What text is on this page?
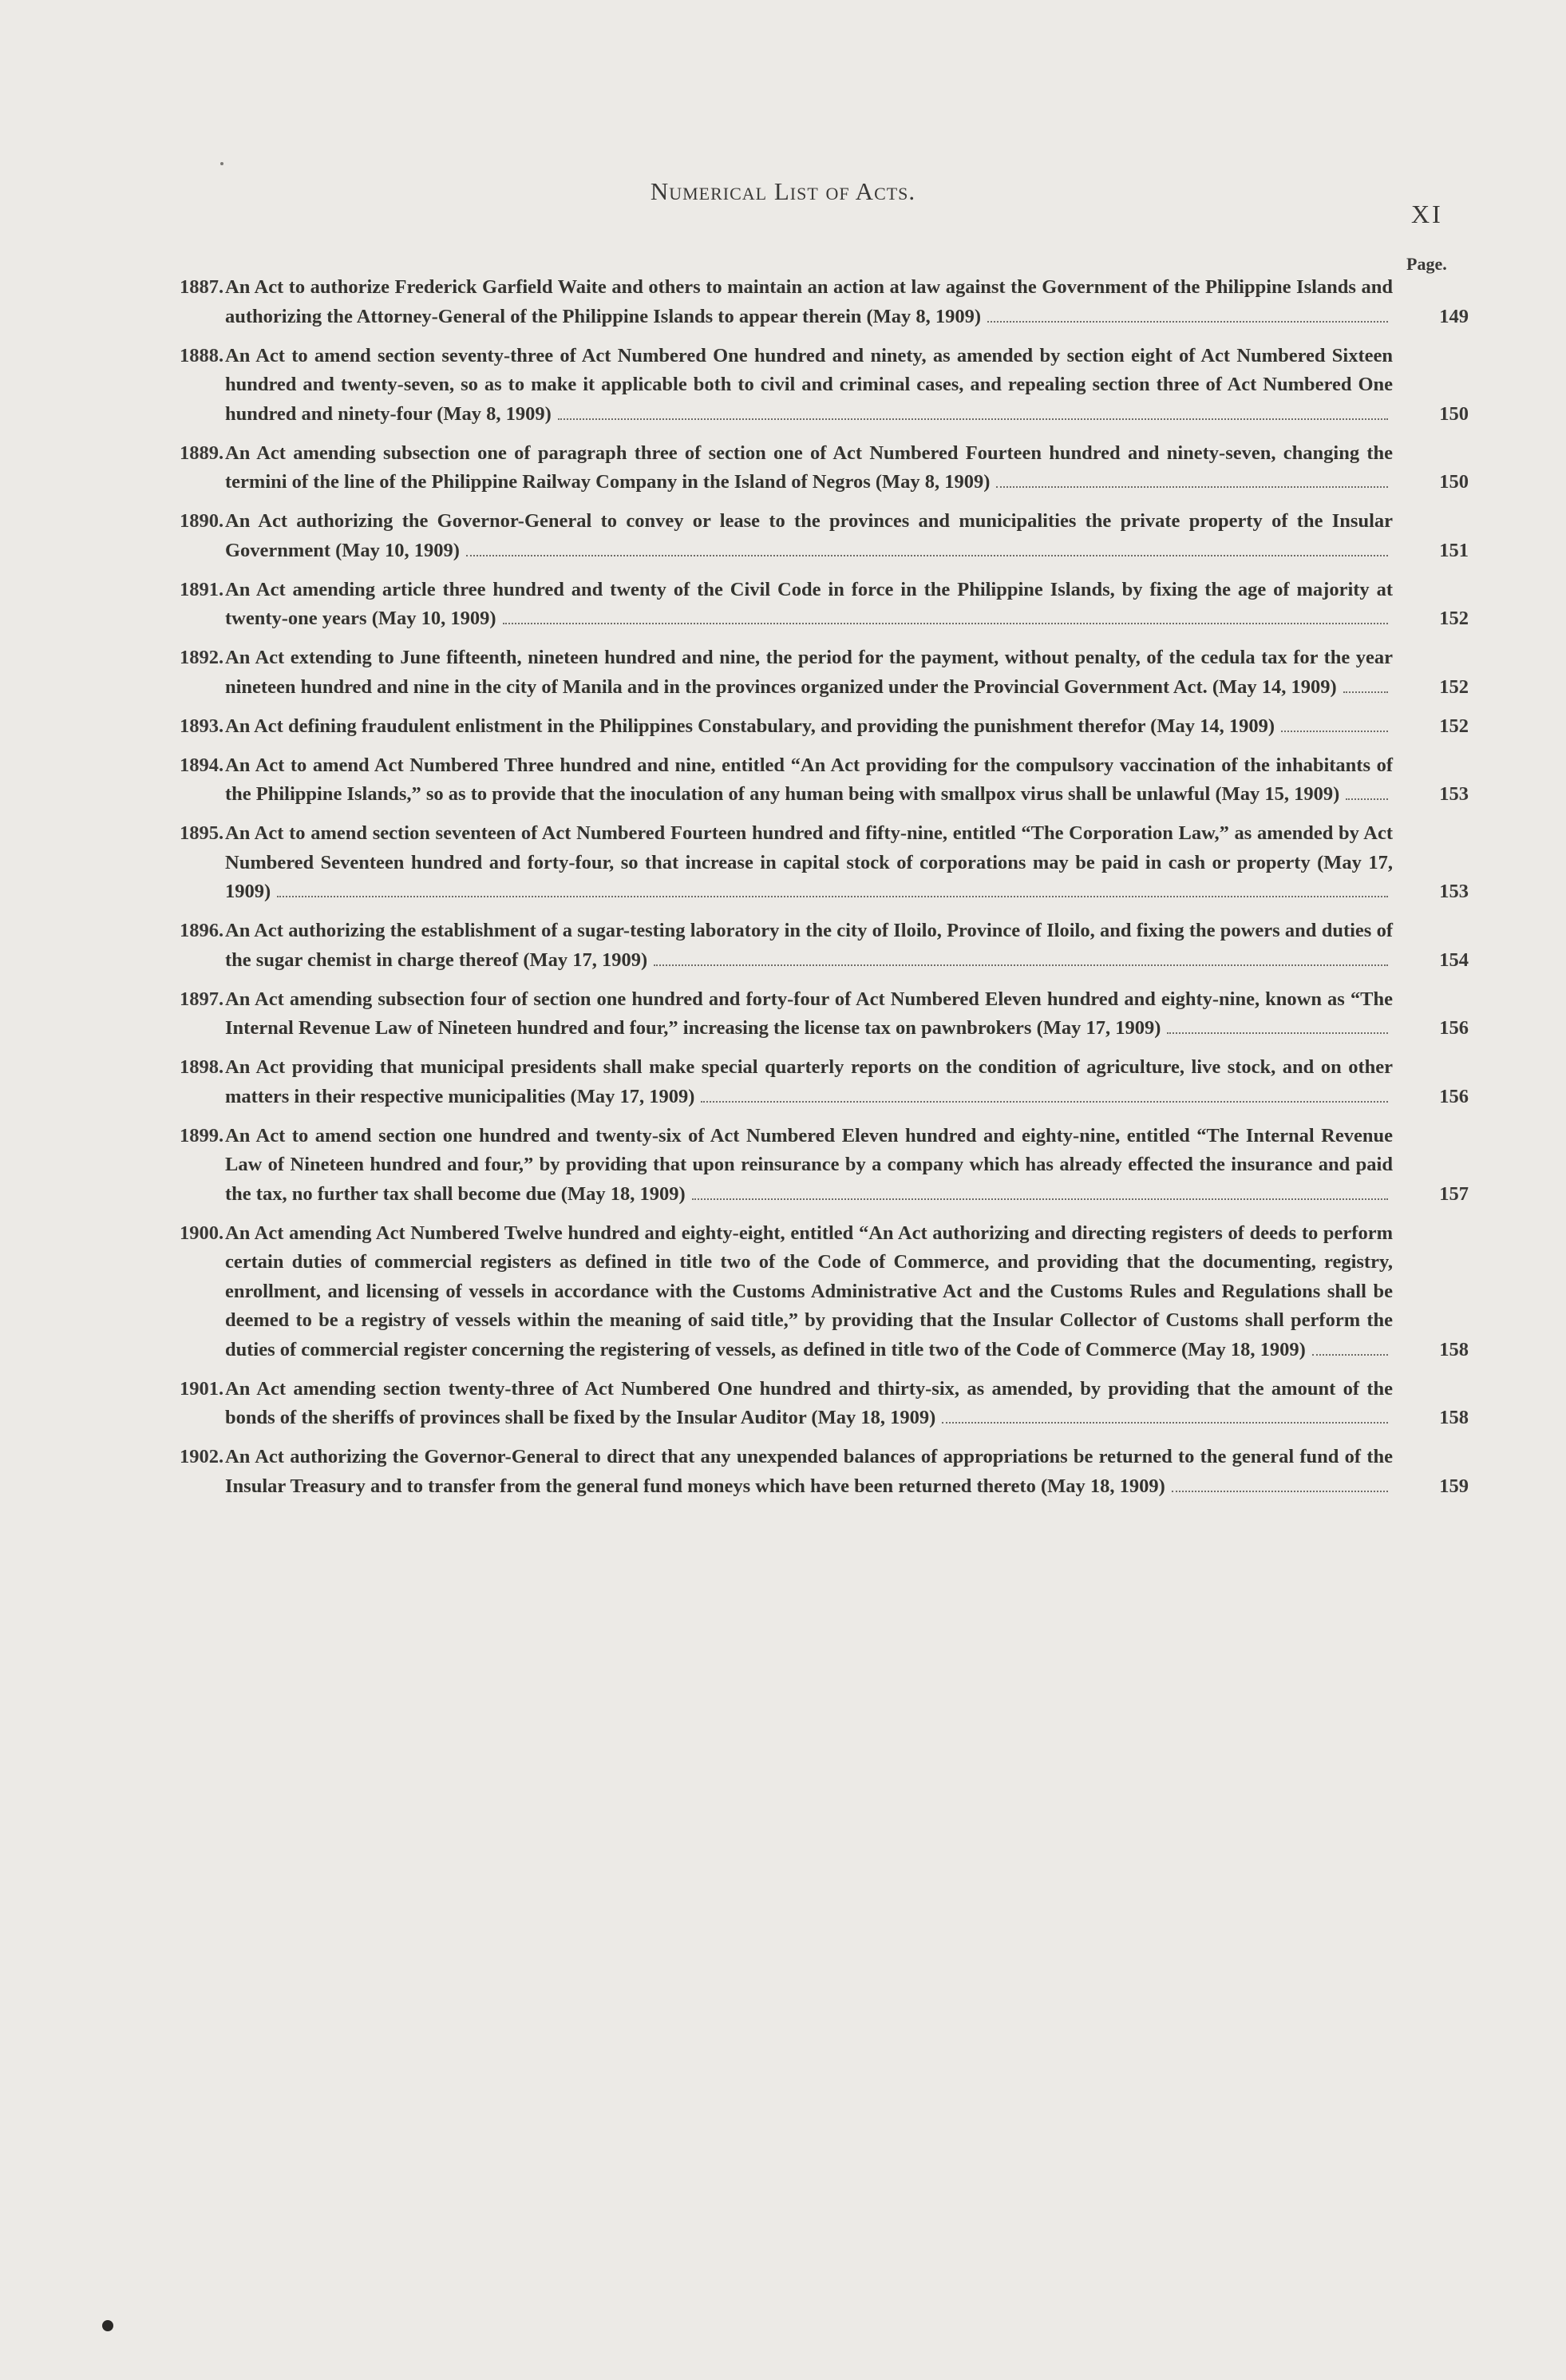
Numerical List of Acts.
XI
Page.
1887. An Act to authorize Frederick Garfield Waite and others to maintain an action at law against the Government of the Philippine Islands and authorizing the Attorney-General of the Philippine Islands to appear therein (May 8, 1909)	149
1888. An Act to amend section seventy-three of Act Numbered One hundred and ninety, as amended by section eight of Act Numbered Sixteen hundred and twenty-seven, so as to make it applicable both to civil and criminal cases, and repealing section three of Act Numbered One hundred and ninety-four (May 8, 1909)	150
1889. An Act amending subsection one of paragraph three of section one of Act Numbered Fourteen hundred and ninety-seven, changing the termini of the line of the Philippine Railway Company in the Island of Negros (May 8, 1909)	150
1890. An Act authorizing the Governor-General to convey or lease to the provinces and municipalities the private property of the Insular Government (May 10, 1909)	151
1891. An Act amending article three hundred and twenty of the Civil Code in force in the Philippine Islands, by fixing the age of majority at twenty-one years (May 10, 1909)	152
1892. An Act extending to June fifteenth, nineteen hundred and nine, the period for the payment, without penalty, of the cedula tax for the year nineteen hundred and nine in the city of Manila and in the provinces organized under the Provincial Government Act. (May 14, 1909)	152
1893. An Act defining fraudulent enlistment in the Philippines Constabulary, and providing the punishment therefor (May 14, 1909)	152
1894. An Act to amend Act Numbered Three hundred and nine, entitled “An Act providing for the compulsory vaccination of the inhabitants of the Philippine Islands,” so as to provide that the inoculation of any human being with smallpox virus shall be unlawful (May 15, 1909)	153
1895. An Act to amend section seventeen of Act Numbered Fourteen hundred and fifty-nine, entitled “The Corporation Law,” as amended by Act Numbered Seventeen hundred and forty-four, so that increase in capital stock of corporations may be paid in cash or property (May 17, 1909)	153
1896. An Act authorizing the establishment of a sugar-testing laboratory in the city of Iloilo, Province of Iloilo, and fixing the powers and duties of the sugar chemist in charge thereof (May 17, 1909)	154
1897. An Act amending subsection four of section one hundred and forty-four of Act Numbered Eleven hundred and eighty-nine, known as “The Internal Revenue Law of Nineteen hundred and four,” increasing the license tax on pawnbrokers (May 17, 1909)	156
1898. An Act providing that municipal presidents shall make special quarterly reports on the condition of agriculture, live stock, and on other matters in their respective municipalities (May 17, 1909)	156
1899. An Act to amend section one hundred and twenty-six of Act Numbered Eleven hundred and eighty-nine, entitled “The Internal Revenue Law of Nineteen hundred and four,” by providing that upon reinsurance by a company which has already effected the insurance and paid the tax, no further tax shall become due (May 18, 1909)	157
1900. An Act amending Act Numbered Twelve hundred and eighty-eight, entitled “An Act authorizing and directing registers of deeds to perform certain duties of commercial registers as defined in title two of the Code of Commerce, and providing that the documenting, registry, enrollment, and licensing of vessels in accordance with the Customs Administrative Act and the Customs Rules and Regulations shall be deemed to be a registry of vessels within the meaning of said title,” by providing that the Insular Collector of Customs shall perform the duties of commercial register concerning the registering of vessels, as defined in title two of the Code of Commerce (May 18, 1909)	158
1901. An Act amending section twenty-three of Act Numbered One hundred and thirty-six, as amended, by providing that the amount of the bonds of the sheriffs of provinces shall be fixed by the Insular Auditor (May 18, 1909)	158
1902. An Act authorizing the Governor-General to direct that any unexpended balances of appropriations be returned to the general fund of the Insular Treasury and to transfer from the general fund moneys which have been returned thereto (May 18, 1909)	159
